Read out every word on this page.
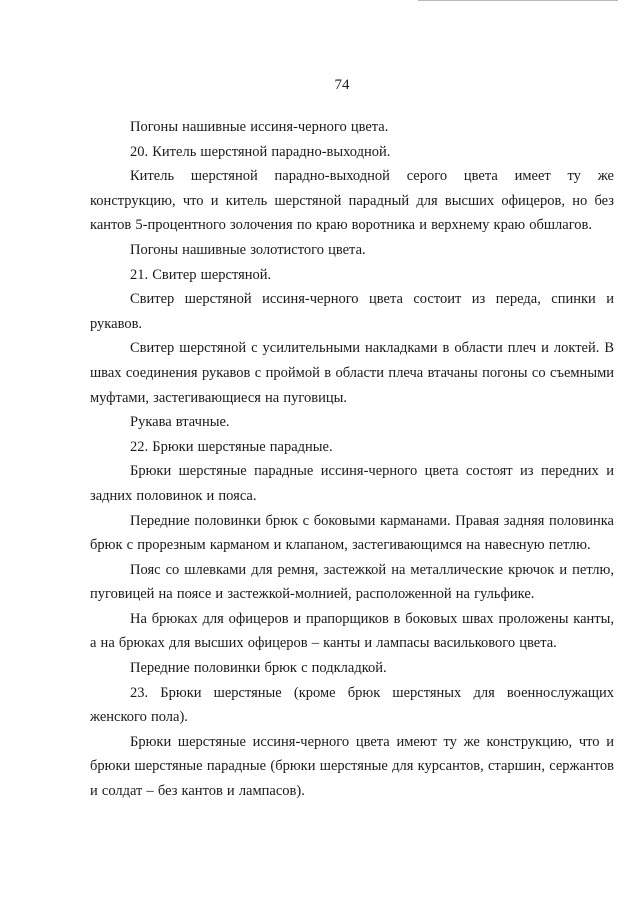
74

Погоны нашивные иссиня-черного цвета.

20. Китель шерстяной парадно-выходной.

Китель шерстяной парадно-выходной серого цвета имеет ту же конструкцию, что и китель шерстяной парадный для высших офицеров, но без кантов 5-процентного золочения по краю воротника и верхнему краю обшлагов.

Погоны нашивные золотистого цвета.

21. Свитер шерстяной.

Свитер шерстяной иссиня-черного цвета состоит из переда, спинки и рукавов.

Свитер шерстяной с усилительными накладками в области плеч и локтей. В швах соединения рукавов с проймой в области плеча втачаны погоны со съемными муфтами, застегивающиеся на пуговицы.

Рукава втачные.

22. Брюки шерстяные парадные.

Брюки шерстяные парадные иссиня-черного цвета состоят из передних и задних половинок и пояса.

Передние половинки брюк с боковыми карманами. Правая задняя половинка брюк с прорезным карманом и клапаном, застегивающимся на навесную петлю.

Пояс со шлевками для ремня, застежкой на металлические крючок и петлю, пуговицей на поясе и застежкой-молнией, расположенной на гульфике.

На брюках для офицеров и прапорщиков в боковых швах проложены канты, а на брюках для высших офицеров – канты и лампасы василькового цвета.

Передние половинки брюк с подкладкой.

23. Брюки шерстяные (кроме брюк шерстяных для военнослужащих женского пола).

Брюки шерстяные иссиня-черного цвета имеют ту же конструкцию, что и брюки шерстяные парадные (брюки шерстяные для курсантов, старшин, сержантов и солдат – без кантов и лампасов).
